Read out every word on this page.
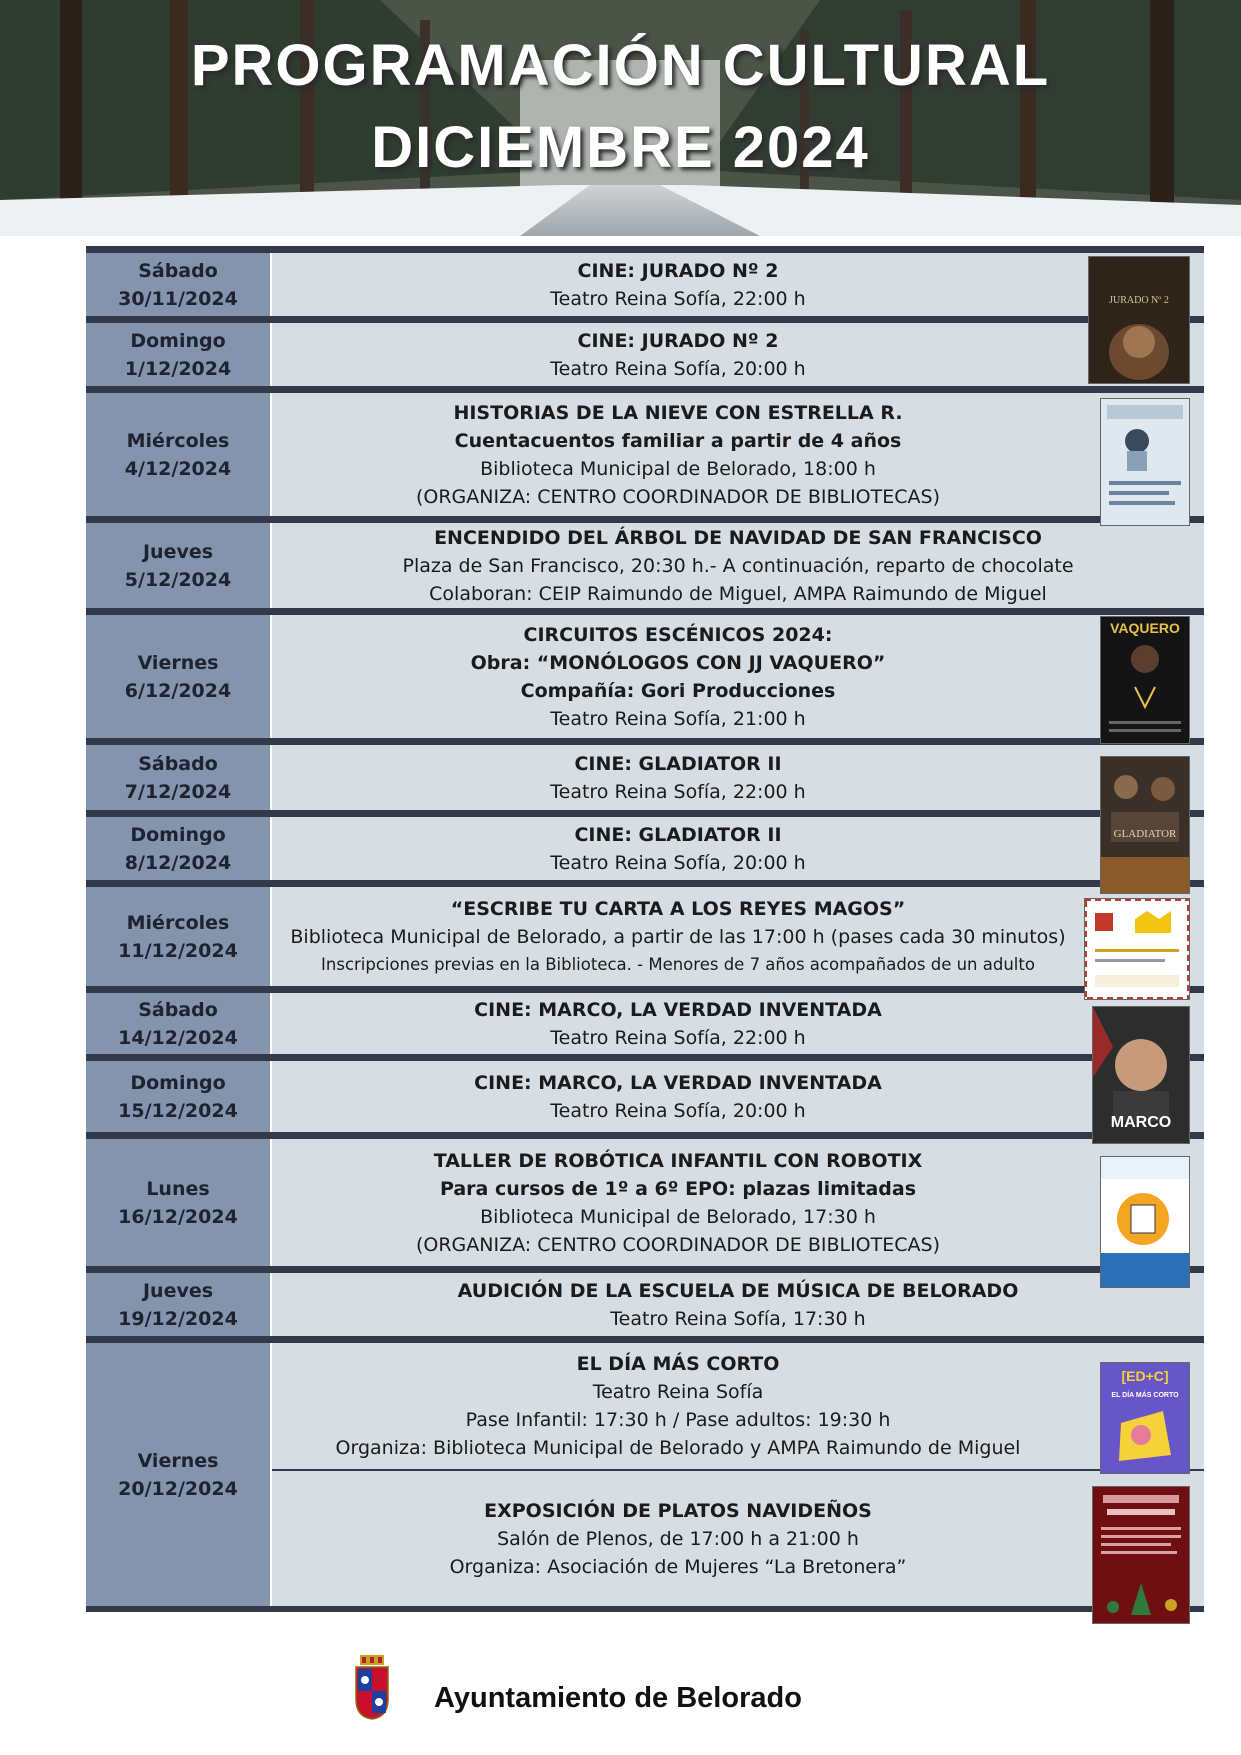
PROGRAMACIÓN CULTURAL
DICIEMBRE 2024
Sábado
30/11/2024
CINE: JURADO Nº 2
Teatro Reina Sofía, 22:00 h
Domingo
1/12/2024
CINE: JURADO Nº 2
Teatro Reina Sofía, 20:00 h
Miércoles
4/12/2024
HISTORIAS DE LA NIEVE CON ESTRELLA R.
Cuentacuentos familiar a partir de 4 años
Biblioteca Municipal de Belorado, 18:00 h
(ORGANIZA: CENTRO COORDINADOR DE BIBLIOTECAS)
Jueves
5/12/2024
ENCENDIDO DEL ÁRBOL DE NAVIDAD DE SAN FRANCISCO
Plaza de San Francisco, 20:30 h.- A continuación, reparto de chocolate
Colaboran: CEIP Raimundo de Miguel, AMPA Raimundo de Miguel
Viernes
6/12/2024
CIRCUITOS ESCÉNICOS 2024:
Obra: “MONÓLOGOS CON JJ VAQUERO”
Compañía: Gori Producciones
Teatro Reina Sofía, 21:00 h
Sábado
7/12/2024
CINE: GLADIATOR II
Teatro Reina Sofía, 22:00 h
Domingo
8/12/2024
CINE: GLADIATOR II
Teatro Reina Sofía, 20:00 h
Miércoles
11/12/2024
“ESCRIBE TU CARTA A LOS REYES MAGOS”
Biblioteca Municipal de Belorado, a partir de las 17:00 h (pases cada 30 minutos)
Inscripciones previas en la Biblioteca. - Menores de 7 años acompañados de un adulto
Sábado
14/12/2024
CINE: MARCO, LA VERDAD INVENTADA
Teatro Reina Sofía, 22:00 h
Domingo
15/12/2024
CINE: MARCO, LA VERDAD INVENTADA
Teatro Reina Sofía, 20:00 h
Lunes
16/12/2024
TALLER DE ROBÓTICA INFANTIL CON ROBOTIX
Para cursos de 1º a 6º EPO: plazas limitadas
Biblioteca Municipal de Belorado, 17:30 h
(ORGANIZA: CENTRO COORDINADOR DE BIBLIOTECAS)
Jueves
19/12/2024
AUDICIÓN DE LA ESCUELA DE MÚSICA DE BELORADO
Teatro Reina Sofía, 17:30 h
Viernes
20/12/2024
EL DÍA MÁS CORTO
Teatro Reina Sofía
Pase Infantil: 17:30 h / Pase adultos: 19:30 h
Organiza: Biblioteca Municipal de Belorado y AMPA Raimundo de Miguel
EXPOSICIÓN DE PLATOS NAVIDEÑOS
Salón de Plenos, de 17:00 h a 21:00 h
Organiza: Asociación de Mujeres “La Bretonera”
JURADO Nº 2
VAQUERO
GLADIATOR
MARCO
[ED+C]
EL DÍA MÁS CORTO
Ayuntamiento de Belorado
